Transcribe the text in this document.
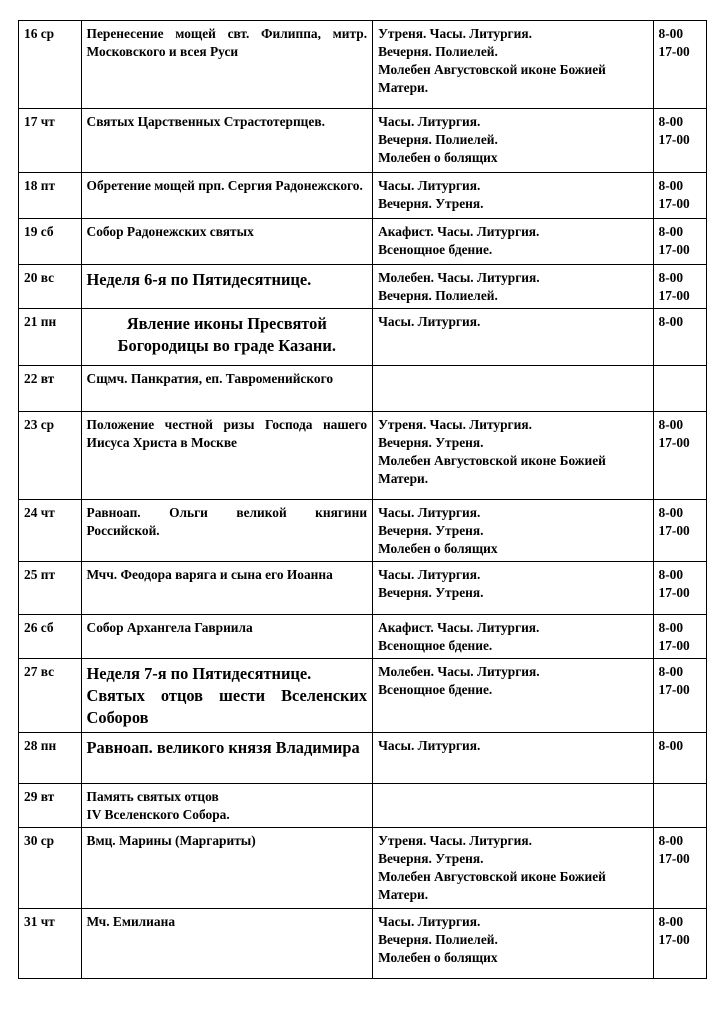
16 ср	Перенесение мощей свт. Филиппа, митр. Московского и всея Руси	Утреня. Часы. Литургия.
Вечерня. Полиелей.
Молебен Августовской иконе Божией Матери.	8-00
17-00

17 чт	Святых Царственных Страстотерпцев.	Часы. Литургия.
Вечерня. Полиелей.
Молебен о болящих	8-00
17-00

18 пт	Обретение мощей прп. Сергия Радонежского.	Часы. Литургия.
Вечерня. Утреня.	8-00
17-00

19 сб	Собор Радонежских святых	Акафист. Часы. Литургия.
Всенощное бдение.	8-00
17-00

20 вс	Неделя 6-я по Пятидесятнице.	Молебен. Часы. Литургия.
Вечерня. Полиелей.	8-00
17-00

21 пн	Явление иконы Пресвятой Богородицы во граде Казани.	Часы. Литургия.	8-00

22 вт	Сщмч. Панкратия, еп. Тавроменийского		

23 ср	Положение честной ризы Господа нашего Иисуса Христа в Москве	Утреня. Часы. Литургия.
Вечерня. Утреня.
Молебен Августовской иконе Божией Матери.	8-00
17-00

24 чт	Равноап. Ольги великой княгини Российской.	Часы. Литургия.
Вечерня. Утреня.
Молебен о болящих	8-00
17-00

25 пт	Мчч. Феодора варяга и сына его Иоанна	Часы. Литургия.
Вечерня. Утреня.	8-00
17-00

26 сб	Собор Архангела Гавриила	Акафист. Часы. Литургия.
Всенощное бдение.	8-00
17-00

27 вс	Неделя 7-я по Пятидесятнице.
Святых отцов шести Вселенских Соборов	Молебен. Часы. Литургия.
Всенощное бдение.	8-00
17-00

28 пн	Равноап. великого князя Владимира	Часы. Литургия.	8-00

29 вт	Память святых отцов
IV Вселенского Собора.		

30 ср	Вмц. Марины (Маргариты)	Утреня. Часы. Литургия.
Вечерня. Утреня.
Молебен Августовской иконе Божией Матери.	8-00
17-00

31 чт	Мч. Емилиана	Часы. Литургия.
Вечерня. Полиелей.
Молебен о болящих	8-00
17-00
